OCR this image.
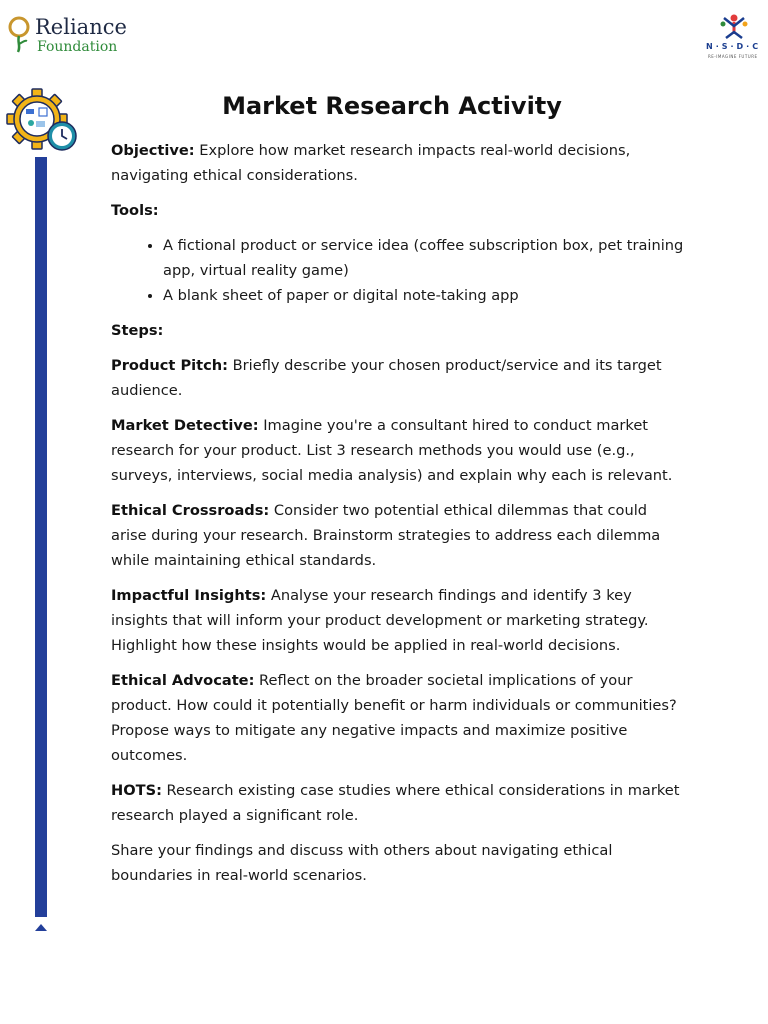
Reliance
Foundation	N·S·D·C
RE-IMAGINE FUTURE
Market Research Activity

Objective: Explore how market research impacts real-world decisions, navigating ethical considerations.

Tools:

• A fictional product or service idea (coffee subscription box, pet training app, virtual reality game)
• A blank sheet of paper or digital note-taking app

Steps:

Product Pitch: Briefly describe your chosen product/service and its target audience.

Market Detective: Imagine you're a consultant hired to conduct market research for your product. List 3 research methods you would use (e.g., surveys, interviews, social media analysis) and explain why each is relevant.

Ethical Crossroads: Consider two potential ethical dilemmas that could arise during your research. Brainstorm strategies to address each dilemma while maintaining ethical standards.

Impactful Insights: Analyse your research findings and identify 3 key insights that will inform your product development or marketing strategy. Highlight how these insights would be applied in real-world decisions.

Ethical Advocate: Reflect on the broader societal implications of your product. How could it potentially benefit or harm individuals or communities? Propose ways to mitigate any negative impacts and maximize positive outcomes.

HOTS: Research existing case studies where ethical considerations in market research played a significant role.

Share your findings and discuss with others about navigating ethical boundaries in real-world scenarios.
